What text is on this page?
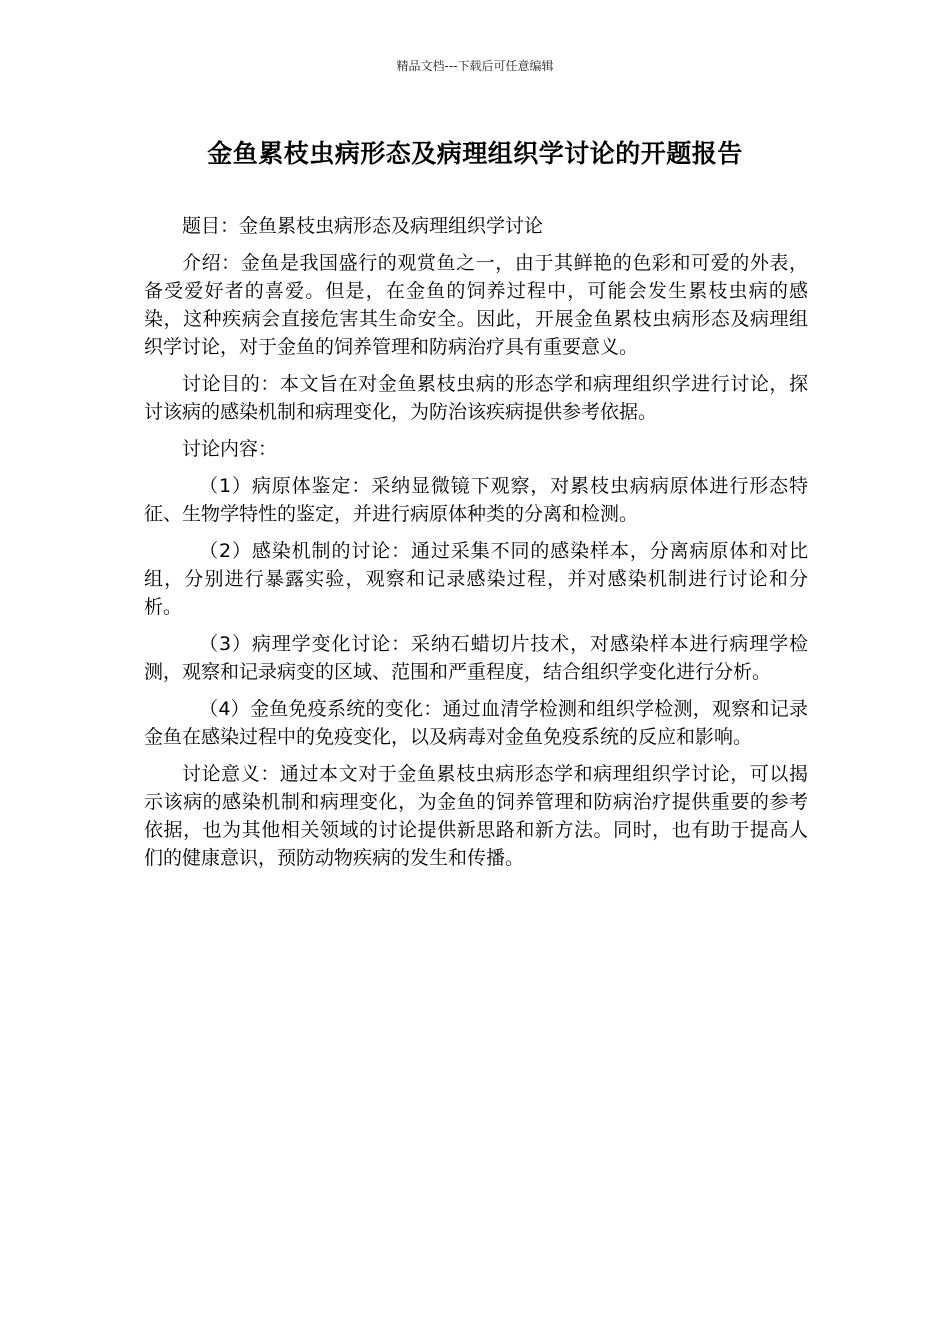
精品文档---下载后可任意编辑
金鱼累枝虫病形态及病理组织学讨论的开题报告

题目：金鱼累枝虫病形态及病理组织学讨论

介绍：金鱼是我国盛行的观赏鱼之一，由于其鲜艳的色彩和可爱的外表，备受爱好者的喜爱。但是，在金鱼的饲养过程中，可能会发生累枝虫病的感染，这种疾病会直接危害其生命安全。因此，开展金鱼累枝虫病形态及病理组织学讨论，对于金鱼的饲养管理和防病治疗具有重要意义。

讨论目的：本文旨在对金鱼累枝虫病的形态学和病理组织学进行讨论，探讨该病的感染机制和病理变化，为防治该疾病提供参考依据。

讨论内容：

（1）病原体鉴定：采纳显微镜下观察，对累枝虫病病原体进行形态特征、生物学特性的鉴定，并进行病原体种类的分离和检测。

（2）感染机制的讨论：通过采集不同的感染样本，分离病原体和对比组，分别进行暴露实验，观察和记录感染过程，并对感染机制进行讨论和分析。

（3）病理学变化讨论：采纳石蜡切片技术，对感染样本进行病理学检测，观察和记录病变的区域、范围和严重程度，结合组织学变化进行分析。

（4）金鱼免疫系统的变化：通过血清学检测和组织学检测，观察和记录金鱼在感染过程中的免疫变化，以及病毒对金鱼免疫系统的反应和影响。

讨论意义：通过本文对于金鱼累枝虫病形态学和病理组织学讨论，可以揭示该病的感染机制和病理变化，为金鱼的饲养管理和防病治疗提供重要的参考依据，也为其他相关领域的讨论提供新思路和新方法。同时，也有助于提高人们的健康意识，预防动物疾病的发生和传播。
